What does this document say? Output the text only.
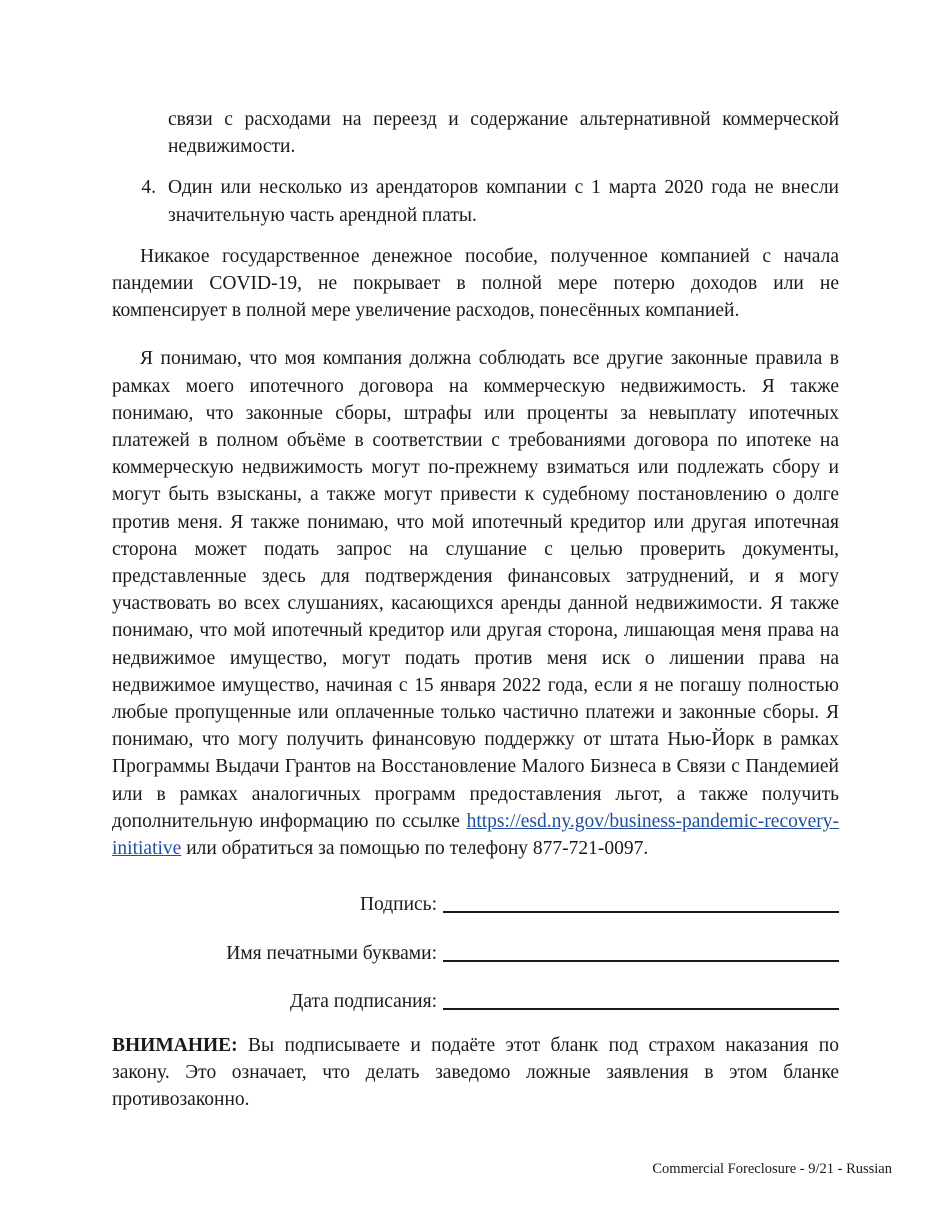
связи с расходами на переезд и содержание альтернативной коммерческой недвижимости.
4. Один или несколько из арендаторов компании с 1 марта 2020 года не внесли значительную часть арендной платы.

Никакое государственное денежное пособие, полученное компанией с начала пандемии COVID-19, не покрывает в полной мере потерю доходов или не компенсирует в полной мере увеличение расходов, понесённых компанией.

Я понимаю, что моя компания должна соблюдать все другие законные правила в рамках моего ипотечного договора на коммерческую недвижимость. Я также понимаю, что законные сборы, штрафы или проценты за невыплату ипотечных платежей в полном объёме в соответствии с требованиями договора по ипотеке на коммерческую недвижимость могут по-прежнему взиматься или подлежать сбору и могут быть взысканы, а также могут привести к судебному постановлению о долге против меня. Я также понимаю, что мой ипотечный кредитор или другая ипотечная сторона может подать запрос на слушание с целью проверить документы, представленные здесь для подтверждения финансовых затруднений, и я могу участвовать во всех слушаниях, касающихся аренды данной недвижимости. Я также понимаю, что мой ипотечный кредитор или другая сторона, лишающая меня права на недвижимое имущество, могут подать против меня иск о лишении права на недвижимое имущество, начиная с 15 января 2022 года, если я не погашу полностью любые пропущенные или оплаченные только частично платежи и законные сборы. Я понимаю, что могу получить финансовую поддержку от штата Нью-Йорк в рамках Программы Выдачи Грантов на Восстановление Малого Бизнеса в Связи с Пандемией или в рамках аналогичных программ предоставления льгот, а также получить дополнительную информацию по ссылке https://esd.ny.gov/business-pandemic-recovery-initiative или обратиться за помощью по телефону 877-721-0097.

Подпись:
Имя печатными буквами:
Дата подписания:

ВНИМАНИЕ: Вы подписываете и подаёте этот бланк под страхом наказания по закону. Это означает, что делать заведомо ложные заявления в этом бланке противозаконно.

Commercial Foreclosure - 9/21 - Russian
